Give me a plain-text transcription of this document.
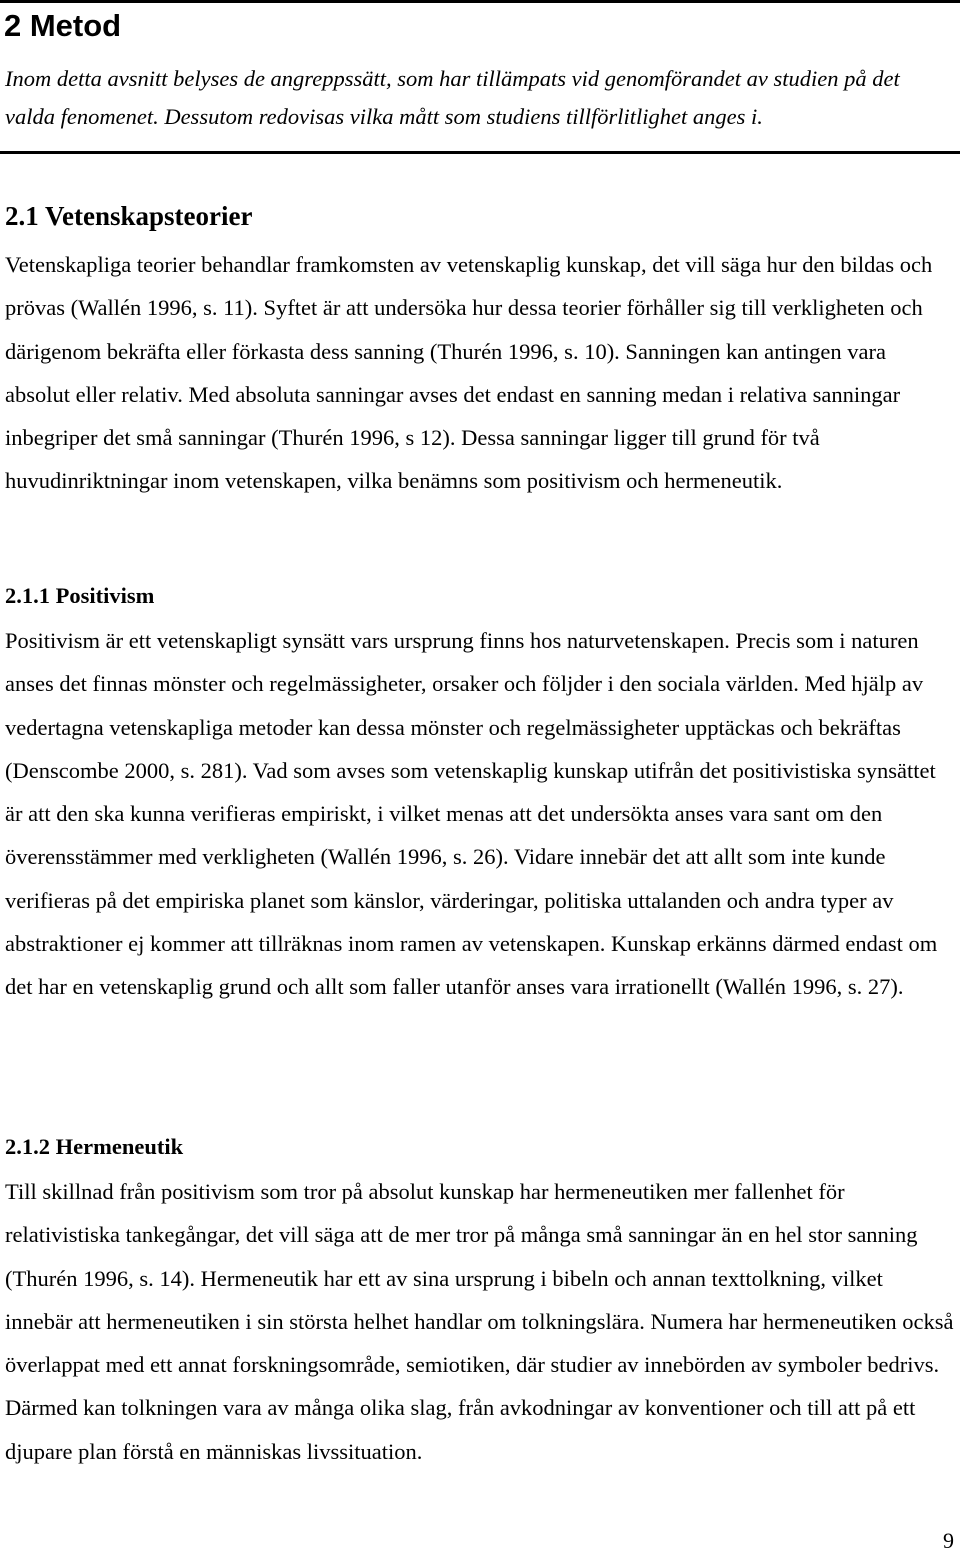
2 Metod

Inom detta avsnitt belyses de angreppssätt, som har tillämpats vid genomförandet av studien på det valda fenomenet. Dessutom redovisas vilka mått som studiens tillförlitlighet anges i.

2.1 Vetenskapsteorier

Vetenskapliga teorier behandlar framkomsten av vetenskaplig kunskap, det vill säga hur den bildas och prövas (Wallén 1996, s. 11). Syftet är att undersöka hur dessa teorier förhåller sig till verkligheten och därigenom bekräfta eller förkasta dess sanning (Thurén 1996, s. 10). Sanningen kan antingen vara absolut eller relativ. Med absoluta sanningar avses det endast en sanning medan i relativa sanningar inbegriper det små sanningar (Thurén 1996, s 12). Dessa sanningar ligger till grund för två huvudinriktningar inom vetenskapen, vilka benämns som positivism och hermeneutik.

2.1.1 Positivism

Positivism är ett vetenskapligt synsätt vars ursprung finns hos naturvetenskapen. Precis som i naturen anses det finnas mönster och regelmässigheter, orsaker och följder i den sociala världen. Med hjälp av vedertagna vetenskapliga metoder kan dessa mönster och regelmässigheter upptäckas och bekräftas (Denscombe 2000, s. 281). Vad som avses som vetenskaplig kunskap utifrån det positivistiska synsättet är att den ska kunna verifieras empiriskt, i vilket menas att det undersökta anses vara sant om den överensstämmer med verkligheten (Wallén 1996, s. 26). Vidare innebär det att allt som inte kunde verifieras på det empiriska planet som känslor, värderingar, politiska uttalanden och andra typer av abstraktioner ej kommer att tillräknas inom ramen av vetenskapen. Kunskap erkänns därmed endast om det har en vetenskaplig grund och allt som faller utanför anses vara irrationellt (Wallén 1996, s. 27).

2.1.2 Hermeneutik

Till skillnad från positivism som tror på absolut kunskap har hermeneutiken mer fallenhet för relativistiska tankegångar, det vill säga att de mer tror på många små sanningar än en hel stor sanning (Thurén 1996, s. 14). Hermeneutik har ett av sina ursprung i bibeln och annan texttolkning, vilket innebär att hermeneutiken i sin största helhet handlar om tolkningslära. Numera har hermeneutiken också överlappat med ett annat forskningsområde, semiotiken, där studier av innebörden av symboler bedrivs. Därmed kan tolkningen vara av många olika slag, från avkodningar av konventioner och till att på ett djupare plan förstå en människas livssituation.

9
